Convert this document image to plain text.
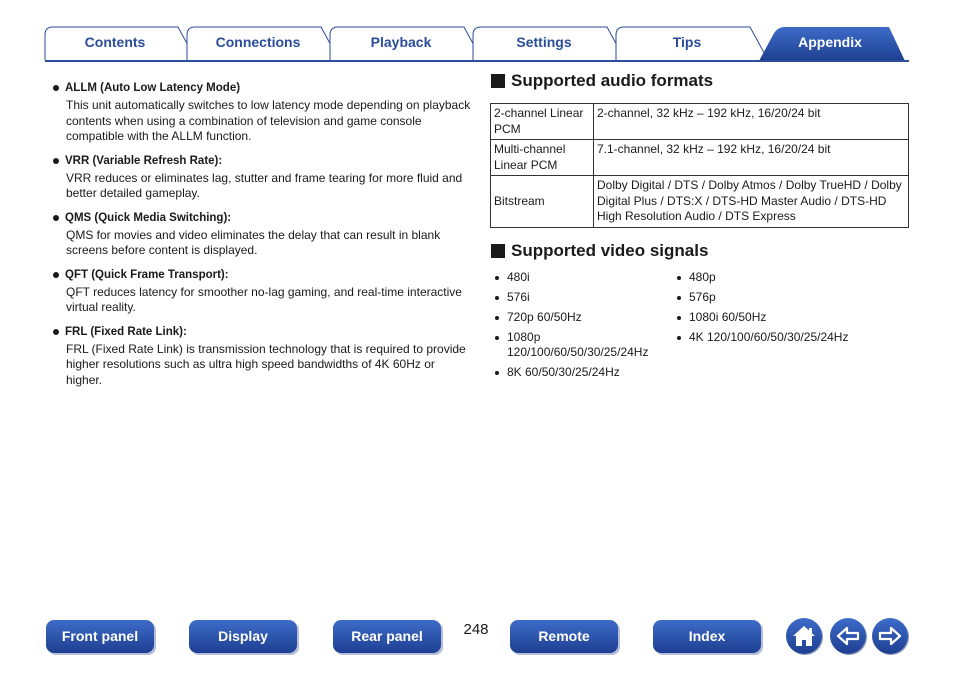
Contents	Connections	Playback	Settings	Tips	Appendix
ALLM (Auto Low Latency Mode)
This unit automatically switches to low latency mode depending on playback contents when using a combination of television and game console compatible with the ALLM function.
VRR (Variable Refresh Rate):
VRR reduces or eliminates lag, stutter and frame tearing for more fluid and better detailed gameplay.
QMS (Quick Media Switching):
QMS for movies and video eliminates the delay that can result in blank screens before content is displayed.
QFT (Quick Frame Transport):
QFT reduces latency for smoother no-lag gaming, and real-time interactive virtual reality.
FRL (Fixed Rate Link):
FRL (Fixed Rate Link) is transmission technology that is required to provide higher resolutions such as ultra high speed bandwidths of 4K 60Hz or higher.
Supported audio formats
2-channel Linear PCM	2-channel, 32 kHz – 192 kHz, 16/20/24 bit
Multi-channel Linear PCM	7.1-channel, 32 kHz – 192 kHz, 16/20/24 bit
Bitstream	Dolby Digital / DTS / Dolby Atmos / Dolby TrueHD / Dolby Digital Plus / DTS:X / DTS-HD Master Audio / DTS-HD High Resolution Audio / DTS Express
Supported video signals
480i
576i
720p 60/50Hz
1080p 120/100/60/50/30/25/24Hz
8K 60/50/30/25/24Hz
480p
576p
1080i 60/50Hz
4K 120/100/60/50/30/25/24Hz
Front panel	Display	Rear panel	248	Remote	Index
